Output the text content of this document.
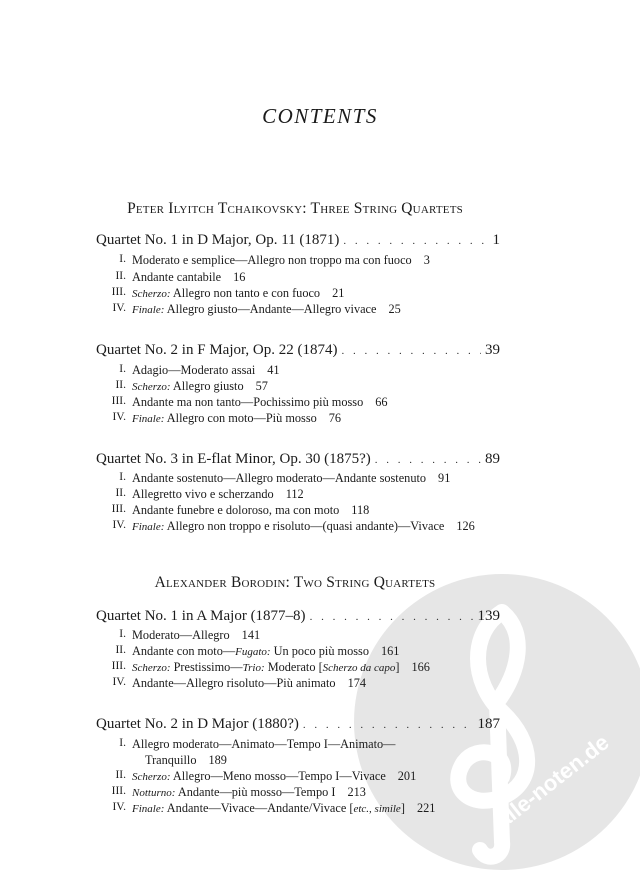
CONTENTS
Peter Ilyitch Tchaikovsky: Three String Quartets
Quartet No. 1 in D Major, Op. 11 (1871) . . .	1
I. Moderato e semplice—Allegro non troppo ma con fuoco 3
II. Andante cantabile 16
III. Scherzo: Allegro non tanto e con fuoco 21
IV. Finale: Allegro giusto—Andante—Allegro vivace 25
Quartet No. 2 in F Major, Op. 22 (1874) . . .	39
I. Adagio—Moderato assai 41
II. Scherzo: Allegro giusto 57
III. Andante ma non tanto—Pochissimo più mosso 66
IV. Finale: Allegro con moto—Più mosso 76
Quartet No. 3 in E-flat Minor, Op. 30 (1875?) . . .	89
I. Andante sostenuto—Allegro moderato—Andante sostenuto 91
II. Allegretto vivo e scherzando 112
III. Andante funebre e doloroso, ma con moto 118
IV. Finale: Allegro non troppo e risoluto—(quasi andante)—Vivace 126
alle-noten.de
Alexander Borodin: Two String Quartets
Quartet No. 1 in A Major (1877–8) . . .	139
I. Moderato—Allegro 141
II. Andante con moto—Fugato: Un poco più mosso 161
III. Scherzo: Prestissimo—Trio: Moderato [Scherzo da capo] 166
IV. Andante—Allegro risoluto—Più animato 174
Quartet No. 2 in D Major (1880?) . . .	187
I. Allegro moderato—Animato—Tempo I—Animato—
Tranquillo 189
II. Scherzo: Allegro—Meno mosso—Tempo I—Vivace 201
III. Notturno: Andante—più mosso—Tempo I 213
IV. Finale: Andante—Vivace—Andante/Vivace [etc., simile] 221
